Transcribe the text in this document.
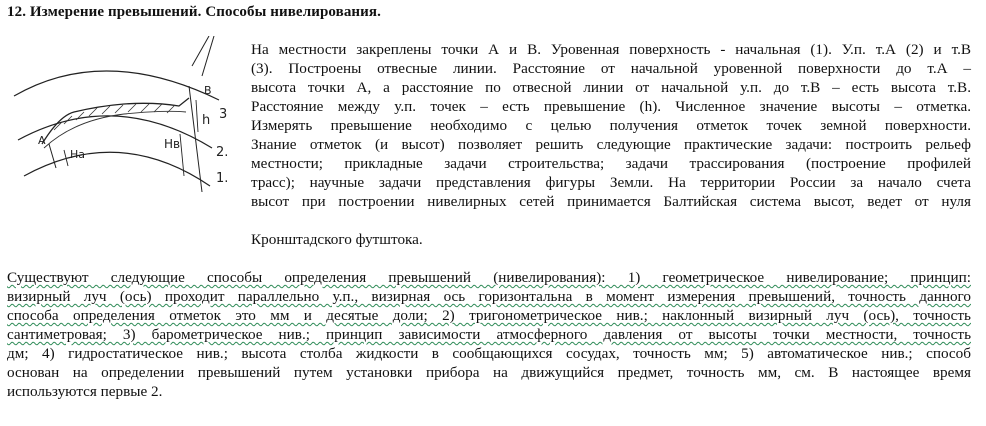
12. Измерение превышений. Способы нивелирования.
А
В
h
Hа
Hв
3
2.
1.
На местности закреплены точки А и В. Уровенная поверхность - начальная (1). У.п. т.А (2) и т.В
(3). Построены отвесные линии. Расстояние от начальной уровенной поверхности до т.А –
высота точки А, а расстояние по отвесной линии от начальной у.п. до т.В – есть высота т.В.
Расстояние между у.п. точек – есть превышение (h). Численное значение высоты – отметка.
Измерять превышение необходимо с целью получения отметок точек земной поверхности.
Знание отметок (и высот) позволяет решить следующие практические задачи: построить рельеф
местности; прикладные задачи строительства; задачи трассирования (построение профилей
трасс); научные задачи представления фигуры Земли. На территории России за начало счета
высот при построении нивелирных сетей принимается Балтийская система высот, ведет от нуля
Кронштадского футштока.
Существуют следующие способы определения превышений (нивелирования): 1) геометрическое нивелирование; принцип:
визирный луч (ось) проходит параллельно у.п., визирная ось горизонтальна в момент измерения превышений, точность данного
способа определения отметок это мм и десятые доли; 2) тригонометрическое нив.; наклонный визирный луч (ось), точность
сантиметровая; 3) барометрическое нив.; принцип зависимости атмосферного давления от высоты точки местности, точность
дм; 4) гидростатическое нив.; высота столба жидкости в сообщающихся сосудах, точность мм; 5) автоматическое нив.; способ
основан на определении превышений путем установки прибора на движущийся предмет, точность мм, см. В настоящее время
используются первые 2.
